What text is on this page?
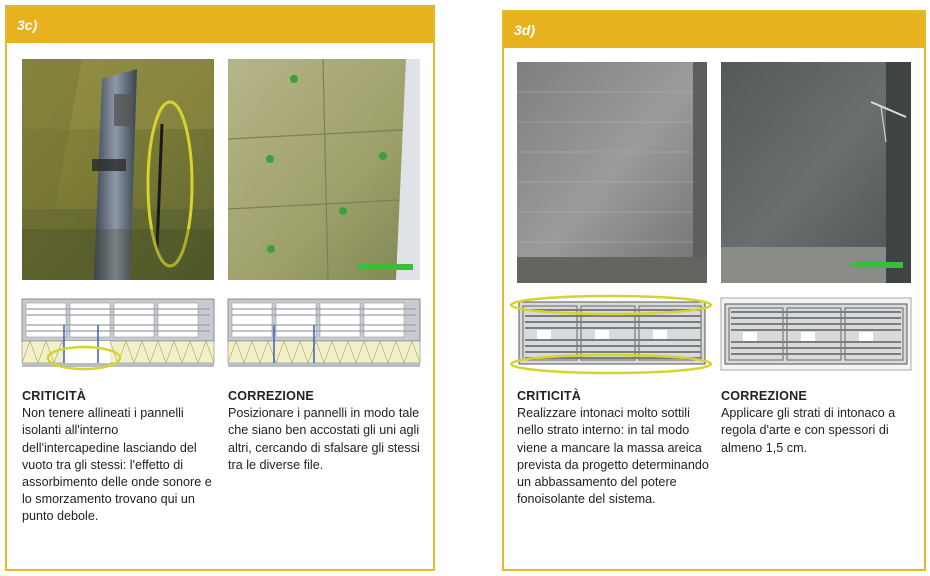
3c)
CRITICITÀ
Non tenere allineati i pannelli isolanti all'interno dell'intercapedine lasciando del vuoto tra gli stessi: l'effetto di assorbimento delle onde sonore e lo smorzamento trovano qui un punto debole.
CORREZIONE
Posizionare i pannelli in modo tale che siano ben accostati gli uni agli altri, cercando di sfalsare gli stessi tra le diverse file.
3d)
CRITICITÀ
Realizzare intonaci molto sottili nello strato interno: in tal modo viene a mancare la massa areica prevista da progetto determinando un abbassamento del potere fonoisolante del sistema.
CORREZIONE
Applicare gli strati di intonaco a regola d'arte e con spessori di almeno 1,5 cm.
